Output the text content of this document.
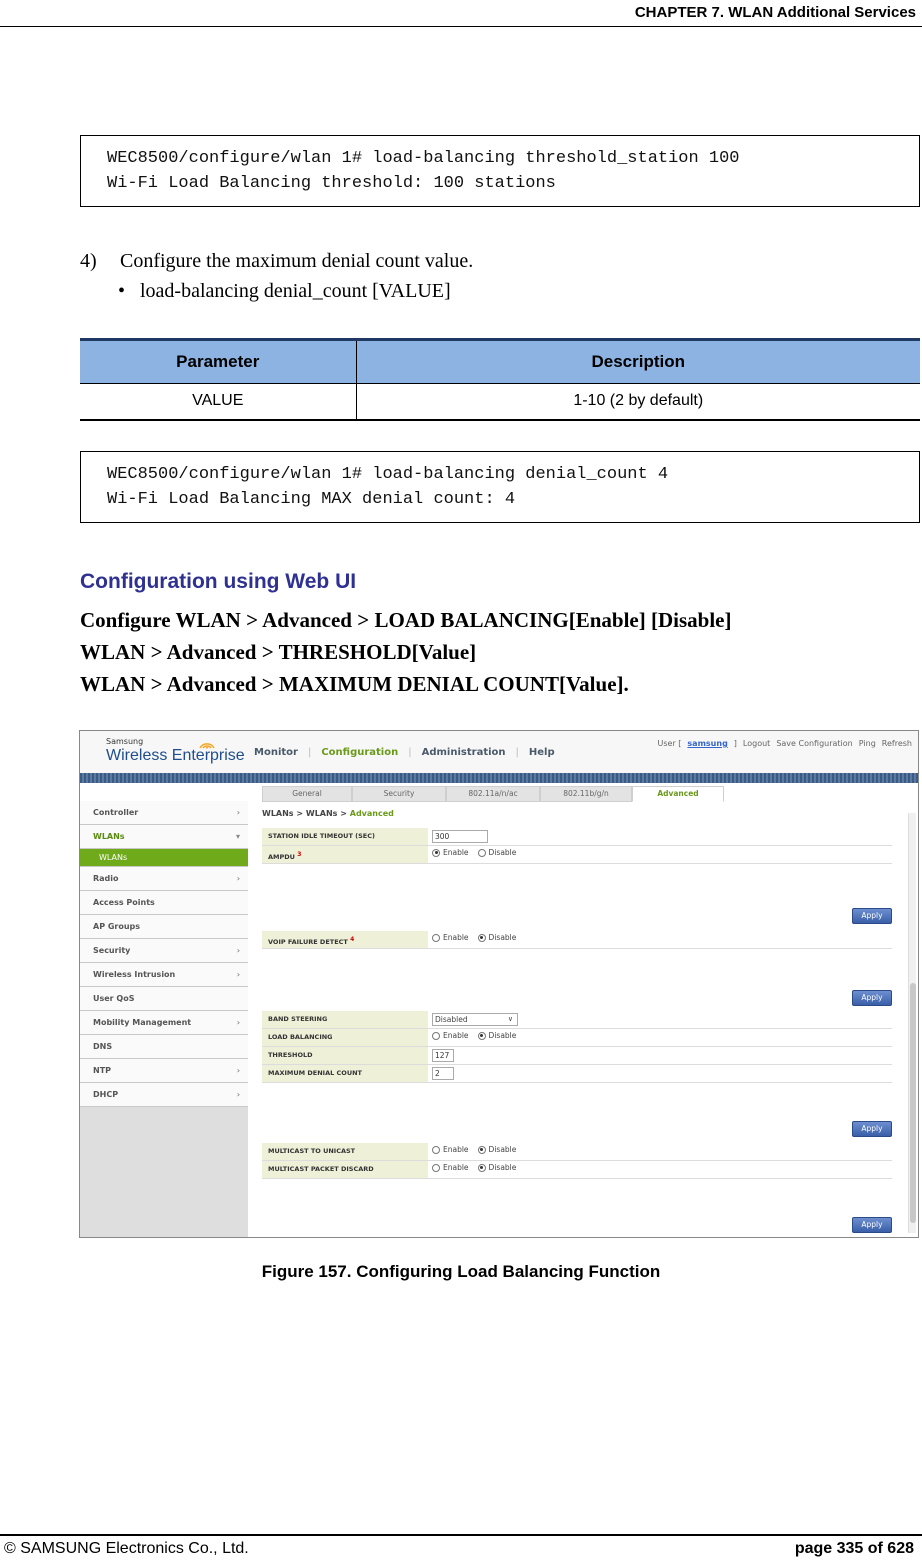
CHAPTER 7. WLAN Additional Services
WEC8500/configure/wlan 1# load-balancing threshold_station 100
Wi-Fi Load Balancing threshold: 100 stations
4) Configure the maximum denial count value.
• load-balancing denial_count [VALUE]
Parameter	Description
VALUE	1-10 (2 by default)
WEC8500/configure/wlan 1# load-balancing denial_count 4
Wi-Fi Load Balancing MAX denial count: 4
Configuration using Web UI
Configure WLAN > Advanced > LOAD BALANCING[Enable] [Disable]
WLAN > Advanced > THRESHOLD[Value]
WLAN > Advanced > MAXIMUM DENIAL COUNT[Value].
Samsung
Wireless Enterprise Monitor | Configuration | Administration | Help
User [ samsung ] Logout Save Configuration Ping Refresh
General	Security	802.11a/n/ac	802.11b/g/n	Advanced
Controller	›
WLANs	▾
WLANs
Radio	›
Access Points
AP Groups
Security	›
Wireless Intrusion	›
User QoS
Mobility Management	›
DNS
NTP	›
DHCP	›
WLANs > WLANs > Advanced
STATION IDLE TIMEOUT (SEC)	300
AMPDU $^3$	Enable	Disable
Apply
VOIP FAILURE DETECT $^4$	Enable	Disable
Apply
BAND STEERING	Disabled	∨
LOAD BALANCING	Enable	Disable
THRESHOLD	127
MAXIMUM DENIAL COUNT	2
Apply
MULTICAST TO UNICAST	Enable	Disable
MULTICAST PACKET DISCARD	Enable	Disable
Apply
Figure 157. Configuring Load Balancing Function
© SAMSUNG Electronics Co., Ltd.	page 335 of 628
